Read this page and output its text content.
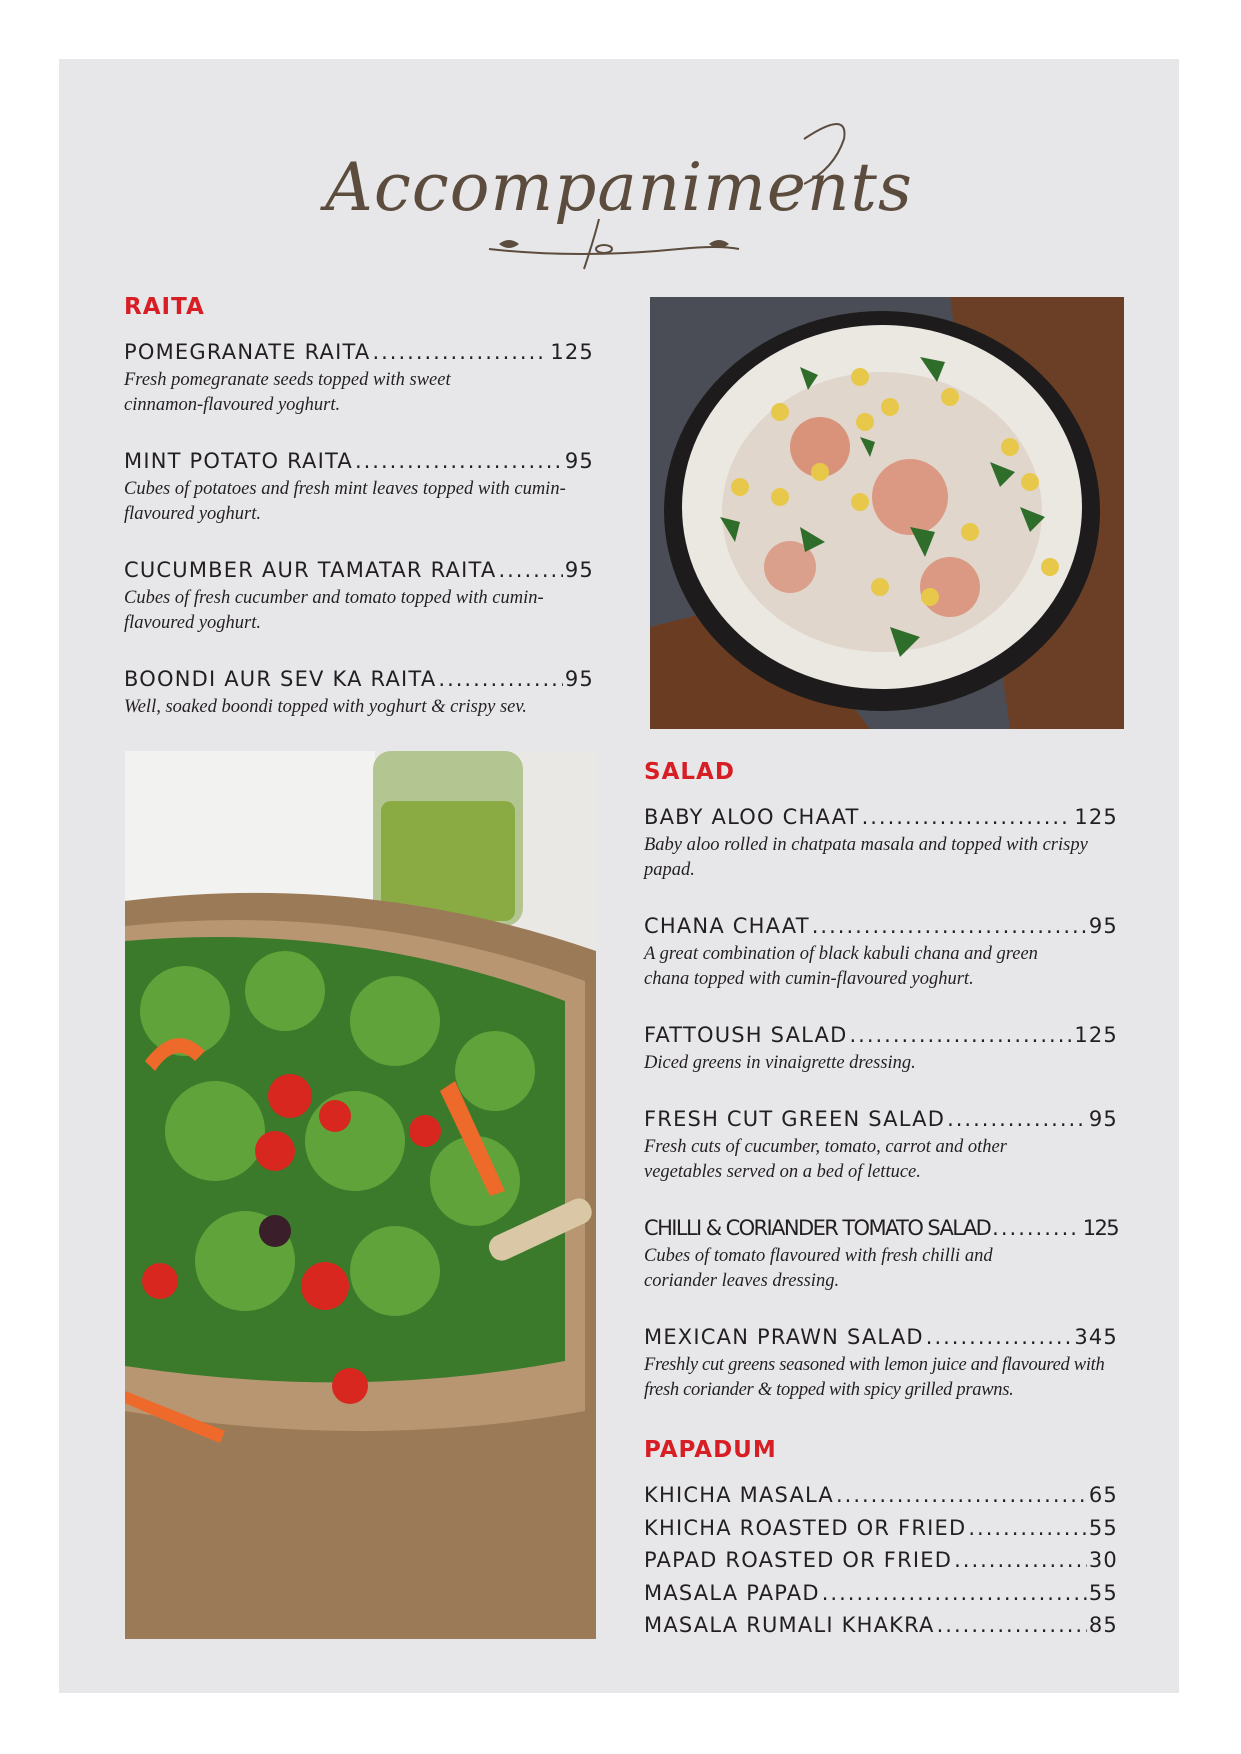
Accompaniments
RAITA
POMEGRANATE RAITA .....	125
Fresh pomegranate seeds topped with sweet cinnamon-flavoured yoghurt.
MINT POTATO RAITA .....	95
Cubes of potatoes and fresh mint leaves topped with cumin-flavoured yoghurt.
CUCUMBER AUR TAMATAR RAITA .....	95
Cubes of fresh cucumber and tomato topped with cumin-flavoured yoghurt.
BOONDI AUR SEV KA RAITA .....	95
Well, soaked boondi topped with yoghurt & crispy sev.
SALAD
BABY ALOO CHAAT .....	125
Baby aloo rolled in chatpata masala and topped with crispy papad.
CHANA CHAAT .....	95
A great combination of black kabuli chana and green chana topped with cumin-flavoured yoghurt.
FATTOUSH SALAD .....	125
Diced greens in vinaigrette dressing.
FRESH CUT GREEN SALAD .....	95
Fresh cuts of cucumber, tomato, carrot and other vegetables served on a bed of lettuce.
CHILLI & CORIANDER TOMATO SALAD .....	125
Cubes of tomato flavoured with fresh chilli and coriander leaves dressing.
MEXICAN PRAWN SALAD .....	345
Freshly cut greens seasoned with lemon juice and flavoured with fresh coriander & topped with spicy grilled prawns.
PAPADUM
KHICHA MASALA .....	65
KHICHA ROASTED OR FRIED .....	55
PAPAD ROASTED OR FRIED .....	30
MASALA PAPAD .....	55
MASALA RUMALI KHAKRA .....	85
